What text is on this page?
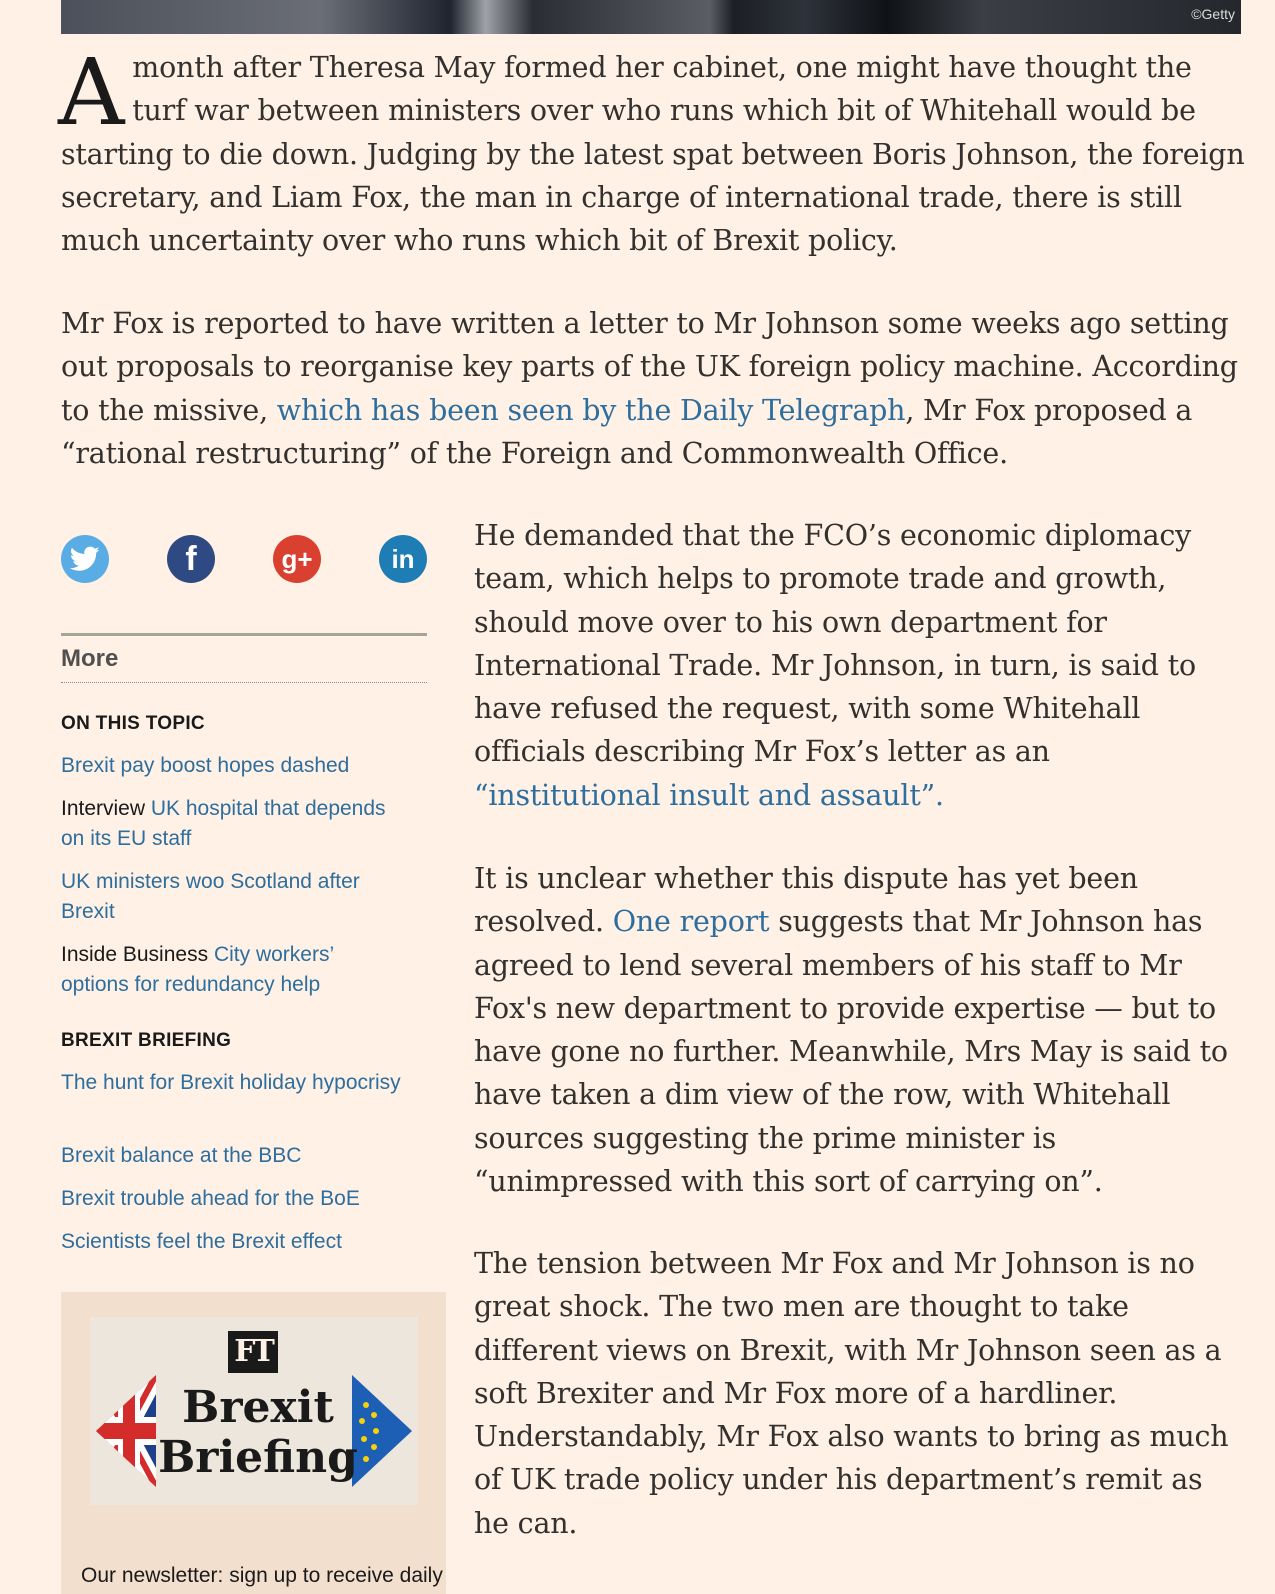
©Getty

Amonth after Theresa May formed her cabinet, one might have thought the turf war between ministers over who runs which bit of Whitehall would be starting to die down. Judging by the latest spat between Boris Johnson, the foreign secretary, and Liam Fox, the man in charge of international trade, there is still much uncertainty over who runs which bit of Brexit policy.

Mr Fox is reported to have written a letter to Mr Johnson some weeks ago setting out proposals to reorganise key parts of the UK foreign policy machine. According to the missive, which has been seen by the Daily Telegraph, Mr Fox proposed a “rational restructuring” of the Foreign and Commonwealth Office.

f	g+	in
More
ON THIS TOPIC
Brexit pay boost hopes dashed
Interview UK hospital that depends on its EU staff
UK ministers woo Scotland after Brexit
Inside Business City workers’ options for redundancy help
BREXIT BRIEFING
The hunt for Brexit holiday hypocrisy
Brexit balance at the BBC
Brexit trouble ahead for the BoE
Scientists feel the Brexit effect
FT
Brexit
Briefing
Our newsletter: sign up to receive daily

He demanded that the FCO’s economic diplomacy team, which helps to promote trade and growth, should move over to his own department for International Trade. Mr Johnson, in turn, is said to have refused the request, with some Whitehall officials describing Mr Fox’s letter as an “institutional insult and assault”.

It is unclear whether this dispute has yet been resolved. One report suggests that Mr Johnson has agreed to lend several members of his staff to Mr Fox's new department to provide expertise — but to have gone no further. Meanwhile, Mrs May is said to have taken a dim view of the row, with Whitehall sources suggesting the prime minister is “unimpressed with this sort of carrying on”.

The tension between Mr Fox and Mr Johnson is no great shock. The two men are thought to take different views on Brexit, with Mr Johnson seen as a soft Brexiter and Mr Fox more of a hardliner. Understandably, Mr Fox also wants to bring as much of UK trade policy under his department’s remit as he can.
